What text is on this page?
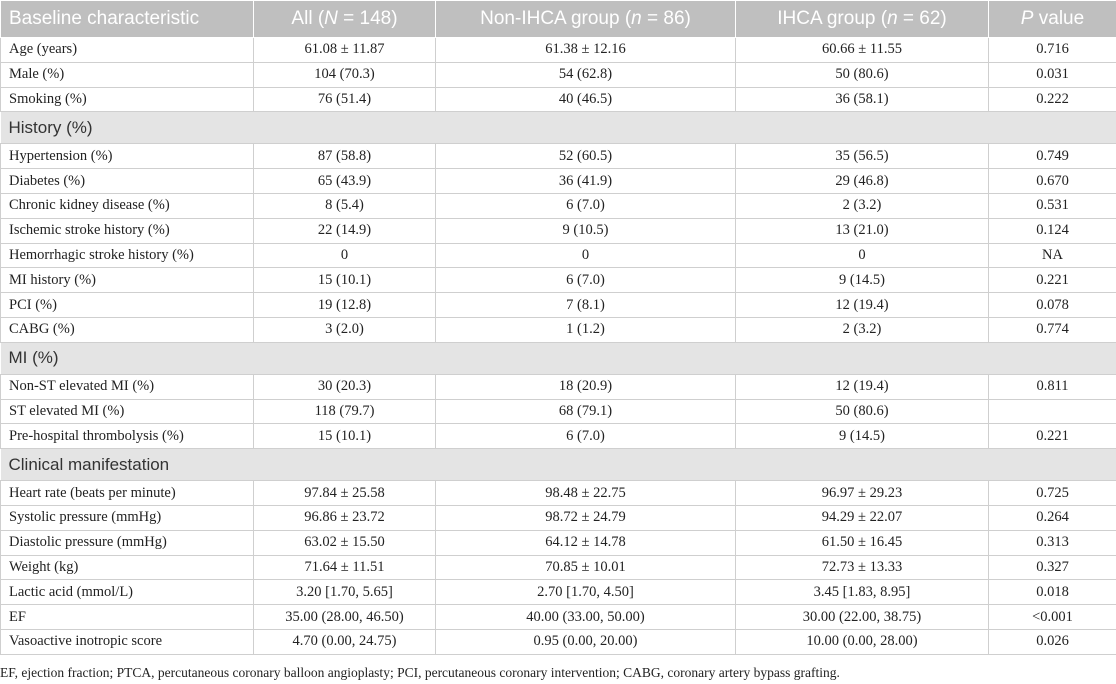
Baseline characteristic	All (N = 148)	Non-IHCA group (n = 86)	IHCA group (n = 62)	P value
Age (years)	61.08 ± 11.87	61.38 ± 12.16	60.66 ± 11.55	0.716
Male (%)	104 (70.3)	54 (62.8)	50 (80.6)	0.031
Smoking (%)	76 (51.4)	40 (46.5)	36 (58.1)	0.222
History (%)				
Hypertension (%)	87 (58.8)	52 (60.5)	35 (56.5)	0.749
Diabetes (%)	65 (43.9)	36 (41.9)	29 (46.8)	0.670
Chronic kidney disease (%)	8 (5.4)	6 (7.0)	2 (3.2)	0.531
Ischemic stroke history (%)	22 (14.9)	9 (10.5)	13 (21.0)	0.124
Hemorrhagic stroke history (%)	0	0	0	NA
MI history (%)	15 (10.1)	6 (7.0)	9 (14.5)	0.221
PCI (%)	19 (12.8)	7 (8.1)	12 (19.4)	0.078
CABG (%)	3 (2.0)	1 (1.2)	2 (3.2)	0.774
MI (%)				
Non-ST elevated MI (%)	30 (20.3)	18 (20.9)	12 (19.4)	0.811
ST elevated MI (%)	118 (79.7)	68 (79.1)	50 (80.6)	
Pre-hospital thrombolysis (%)	15 (10.1)	6 (7.0)	9 (14.5)	0.221
Clinical manifestation				
Heart rate (beats per minute)	97.84 ± 25.58	98.48 ± 22.75	96.97 ± 29.23	0.725
Systolic pressure (mmHg)	96.86 ± 23.72	98.72 ± 24.79	94.29 ± 22.07	0.264
Diastolic pressure (mmHg)	63.02 ± 15.50	64.12 ± 14.78	61.50 ± 16.45	0.313
Weight (kg)	71.64 ± 11.51	70.85 ± 10.01	72.73 ± 13.33	0.327
Lactic acid (mmol/L)	3.20 [1.70, 5.65]	2.70 [1.70, 4.50]	3.45 [1.83, 8.95]	0.018
EF	35.00 (28.00, 46.50)	40.00 (33.00, 50.00)	30.00 (22.00, 38.75)	<0.001
Vasoactive inotropic score	4.70 (0.00, 24.75)	0.95 (0.00, 20.00)	10.00 (0.00, 28.00)	0.026
EF, ejection fraction; PTCA, percutaneous coronary balloon angioplasty; PCI, percutaneous coronary intervention; CABG, coronary artery bypass grafting.
